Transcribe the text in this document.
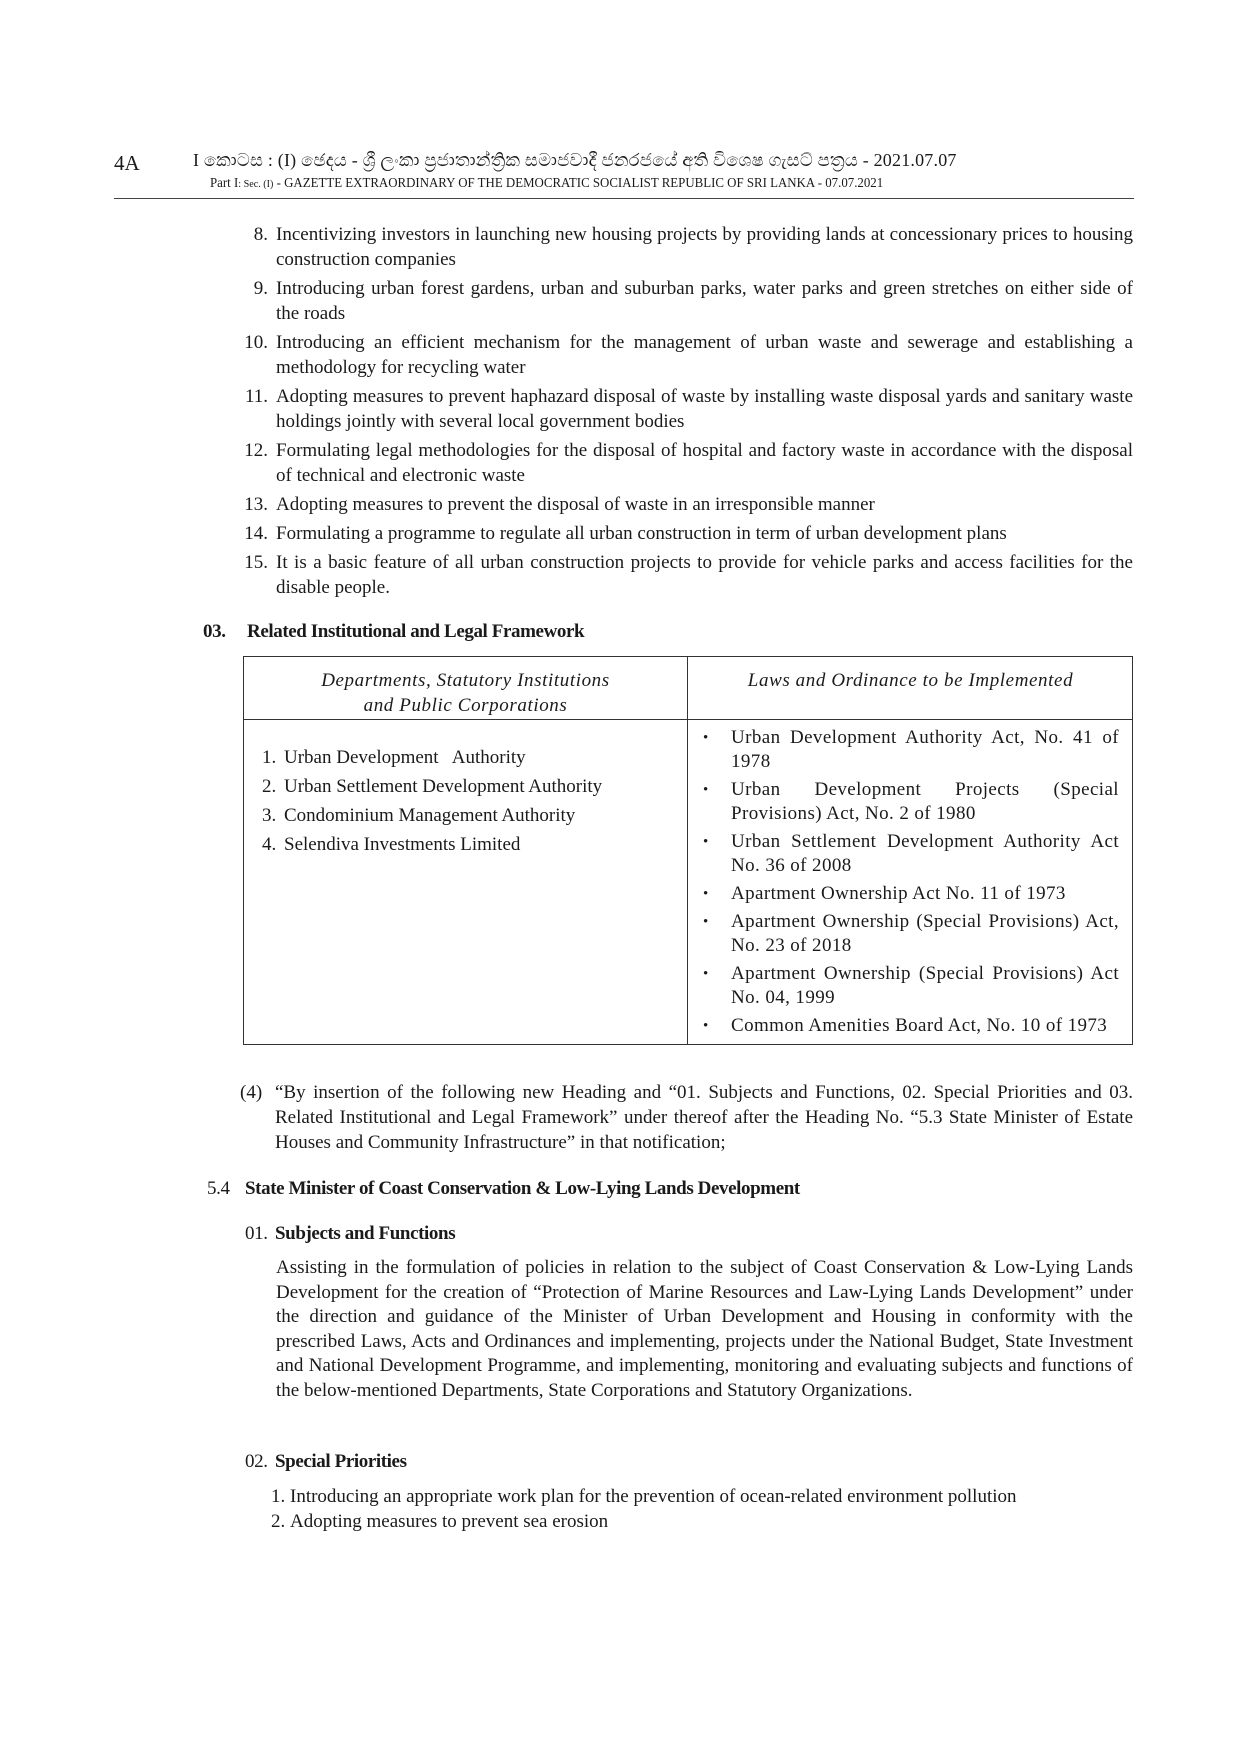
4A	I කොටස : (I) ඡෙදය - ශ්‍රී ලංකා ප්‍රජාතාන්ත්‍රික සමාජවාදී ජනරජයේ අති විශෙෂ ගැසට් පත්‍රය - 2021.07.07
Part I: Sec. (I) - GAZETTE EXTRAORDINARY OF THE DEMOCRATIC SOCIALIST REPUBLIC OF SRI LANKA - 07.07.2021
8. Incentivizing investors in launching new housing projects by providing lands at concessionary prices to housing construction companies
9. Introducing urban forest gardens, urban and suburban parks, water parks and green stretches on either side of the roads
10. Introducing an efficient mechanism for the management of urban waste and sewerage and establishing a methodology for recycling water
11. Adopting measures to prevent haphazard disposal of waste by installing waste disposal yards and sanitary waste holdings jointly with several local government bodies
12. Formulating legal methodologies for the disposal of hospital and factory waste in accordance with the disposal of technical and electronic waste
13. Adopting measures to prevent the disposal of waste in an irresponsible manner
14. Formulating a programme to regulate all urban construction in term of urban development plans
15. It is a basic feature of all urban construction projects to provide for vehicle parks and access facilities for the disable people.
03. Related Institutional and Legal Framework
Departments, Statutory Institutions
and Public Corporations
Laws and Ordinance to be Implemented
1. Urban Development   Authority
2. Urban Settlement Development Authority
3. Condominium Management Authority
4. Selendiva Investments Limited
• Urban Development Authority Act, No. 41 of 1978
• Urban Development Projects (Special Provisions) Act, No. 2 of 1980
• Urban Settlement Development Authority Act No. 36 of 2008
• Apartment Ownership Act No. 11 of 1973
• Apartment Ownership (Special Provisions) Act, No. 23 of 2018
• Apartment Ownership (Special Provisions) Act No. 04, 1999
• Common Amenities Board Act, No. 10 of 1973
(4) “By insertion of the following new Heading and “01. Subjects and Functions, 02. Special Priorities and 03. Related Institutional and Legal Framework” under thereof after the Heading No. “5.3 State Minister of Estate Houses and Community Infrastructure” in that notification;
5.4 State Minister of Coast Conservation & Low-Lying Lands Development
01. Subjects and Functions
Assisting in the formulation of policies in relation to the subject of Coast Conservation & Low-Lying Lands Development for the creation of “Protection of Marine Resources and Law-Lying Lands Development” under the direction and guidance of the Minister of Urban Development and Housing in conformity with the prescribed Laws, Acts and Ordinances and implementing, projects under the National Budget, State Investment and National Development Programme, and implementing, monitoring and evaluating subjects and functions of the below-mentioned Departments, State Corporations and Statutory Organizations.
02. Special Priorities
1. Introducing an appropriate work plan for the prevention of ocean-related environment pollution
2. Adopting measures to prevent sea erosion
